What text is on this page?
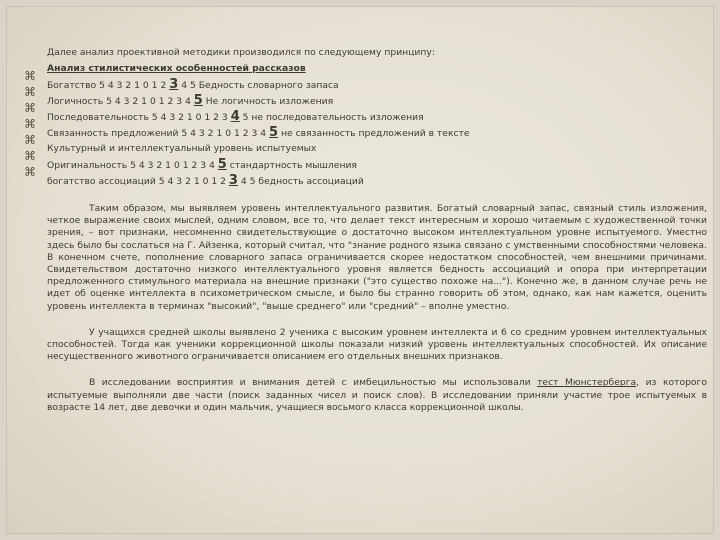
⌘
⌘
⌘
⌘
⌘
⌘
⌘
Далее анализ проективной методики производился по следующему принципу:
Анализ стилистических особенностей рассказов
Богатство 5 4 3 2 1 0 1 2 3 4 5 Бедность словарного запаса
Логичность 5 4 3 2 1 0 1 2 3 4 5 Не логичность изложения
Последовательность 5 4 3 2 1 0 1 2 3 4 5 не последовательность изложения
Связанность предложений 5 4 3 2 1 0 1 2 3 4 5 не связанность предложений в тексте
Культурный и интеллектуальный уровень испытуемых
Оригинальность 5 4 3 2 1 0 1 2 3 4 5 стандартность мышления
богатство ассоциаций 5 4 3 2 1 0 1 2 3 4 5 бедность ассоциаций

Таким образом, мы выявляем уровень интеллектуального развития. Богатый словарный запас, связный стиль изложения, четкое выражение своих мыслей, одним словом, все то, что делает текст интересным и хорошо читаемым с художественной точки зрения, – вот признаки, несомненно свидетельствующие о достаточно высоком интеллектуальном уровне испытуемого. Уместно здесь было бы сослаться на Г. Айзенка, который считал, что "знание родного языка связано с умственными способностями человека. В конечном счете, пополнение словарного запаса ограничивается скорее недостатком способностей, чем внешними причинами. Свидетельством достаточно низкого интеллектуального уровня является бедность ассоциаций и опора при интерпретации предложенного стимульного материала на внешние признаки ("это существо похоже на..."). Конечно же, в данном случае речь не идет об оценке интеллекта в психометрическом смысле, и было бы странно говорить об этом, однако, как нам кажется, оценить уровень интеллекта в терминах "высокий", "выше среднего" или "средний" – вполне уместно.

У учащихся средней школы выявлено 2 ученика с высоким уровнем интеллекта и 6 со средним уровнем интеллектуальных способностей. Тогда как ученики коррекционной школы показали низкий уровень интеллектуальных способностей. Их описание несущественного животного ограничивается описанием его отдельных внешних признаков.

В исследовании восприятия и внимания детей с имбецильностью мы использовали тест Мюнстерберга, из которого испытуемые выполняли две части (поиск заданных чисел и поиск слов). В исследовании приняли участие трое испытуемых в возрасте 14 лет, две девочки и один мальчик, учащиеся восьмого класса коррекционной школы.
